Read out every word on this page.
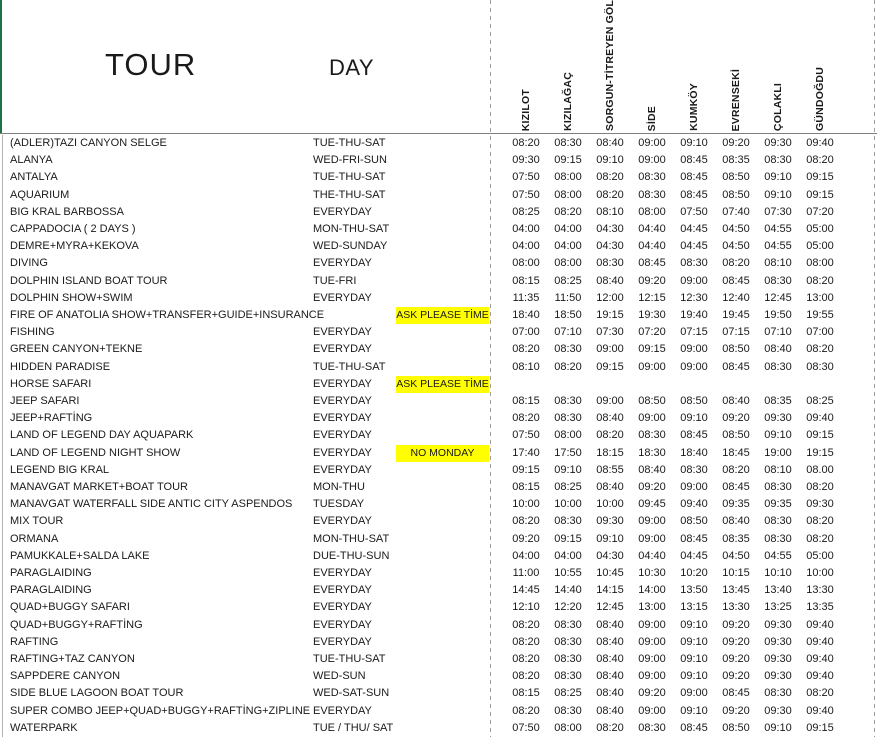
TOUR	DAY
KIZILOT	KIZILAĞAÇ	SORGUN-TİTREYEN GÖL	SİDE	KUMKÖY	EVRENSEKİ	ÇOLAKLI	GÜNDOĞDU
(ADLER)TAZI CANYON SELGE	TUE-THU-SAT	08:20	08:30	08:40	09:00	09:10	09:20	09:30	09:40
ALANYA	WED-FRI-SUN	09:30	09:15	09:10	09:00	08:45	08:35	08:30	08:20
ANTALYA	TUE-THU-SAT	07:50	08:00	08:20	08:30	08:45	08:50	09:10	09:15
AQUARIUM	THE-THU-SAT	07:50	08:00	08:20	08:30	08:45	08:50	09:10	09:15
BIG KRAL BARBOSSA	EVERYDAY	08:25	08:20	08:10	08:00	07:50	07:40	07:30	07:20
CAPPADOCIA ( 2 DAYS )	MON-THU-SAT	04:00	04:00	04:30	04:40	04:45	04:50	04:55	05:00
DEMRE+MYRA+KEKOVA	WED-SUNDAY	04:00	04:00	04:30	04:40	04:45	04:50	04:55	05:00
DIVING	EVERYDAY	08:00	08:00	08:30	08:45	08:30	08:20	08:10	08:00
DOLPHIN ISLAND BOAT TOUR	TUE-FRI	08:15	08:25	08:40	09:20	09:00	08:45	08:30	08:20
DOLPHIN SHOW+SWIM	EVERYDAY	11:35	11:50	12:00	12:15	12:30	12:40	12:45	13:00
FIRE OF ANATOLIA SHOW+TRANSFER+GUIDE+INSURANCE	ASK PLEASE TİME	18:40	18:50	19:15	19:30	19:40	19:45	19:50	19:55
FISHING	EVERYDAY	07:00	07:10	07:30	07:20	07:15	07:15	07:10	07:00
GREEN CANYON+TEKNE	EVERYDAY	08:20	08:30	09:00	09:15	09:00	08:50	08:40	08:20
HIDDEN PARADISE	TUE-THU-SAT	08:10	08:20	09:15	09:00	09:00	08:45	08:30	08:30
HORSE SAFARI	EVERYDAY ASK PLEASE TİME
JEEP SAFARI	EVERYDAY	08:15	08:30	09:00	08:50	08:50	08:40	08:35	08:25
JEEP+RAFTİNG	EVERYDAY	08:20	08:30	08:40	09:00	09:10	09:20	09:30	09:40
LAND OF LEGEND DAY AQUAPARK	EVERYDAY	07:50	08:00	08:20	08:30	08:45	08:50	09:10	09:15
LAND OF LEGEND NIGHT SHOW	EVERYDAY	NO MONDAY	17:40	17:50	18:15	18:30	18:40	18:45	19:00	19:15
LEGEND BIG KRAL	EVERYDAY	09:15	09:10	08:55	08:40	08:30	08:20	08:10	08.00
MANAVGAT MARKET+BOAT TOUR	MON-THU	08:15	08:25	08:40	09:20	09:00	08:45	08:30	08:20
MANAVGAT WATERFALL SIDE ANTIC CITY ASPENDOS TUESDAY	10:00	10:00	10:00	09:45	09:40	09:35	09:35	09:30
MIX TOUR	EVERYDAY	08:20	08:30	09:30	09:00	08:50	08:40	08:30	08:20
ORMANA	MON-THU-SAT	09:20	09:15	09:10	09:00	08:45	08:35	08:30	08:20
PAMUKKALE+SALDA LAKE	DUE-THU-SUN	04:00	04:00	04:30	04:40	04:45	04:50	04:55	05:00
PARAGLAIDING	EVERYDAY	11:00	10:55	10:45	10:30	10:20	10:15	10:10	10:00
PARAGLAIDING	EVERYDAY	14:45	14:40	14:15	14:00	13:50	13:45	13:40	13:30
QUAD+BUGGY SAFARI	EVERYDAY	12:10	12:20	12:45	13:00	13:15	13:30	13:25	13:35
QUAD+BUGGY+RAFTİNG	EVERYDAY	08:20	08:30	08:40	09:00	09:10	09:20	09:30	09:40
RAFTING	EVERYDAY	08:20	08:30	08:40	09:00	09:10	09:20	09:30	09:40
RAFTING+TAZ CANYON	TUE-THU-SAT	08:20	08:30	08:40	09:00	09:10	09:20	09:30	09:40
SAPPDERE CANYON	WED-SUN	08:20	08:30	08:40	09:00	09:10	09:20	09:30	09:40
SIDE BLUE LAGOON BOAT TOUR	WED-SAT-SUN	08:15	08:25	08:40	09:20	09:00	08:45	08:30	08:20
SUPER COMBO JEEP+QUAD+BUGGY+RAFTİNG+ZIPLINE EVERYDAY	08:20	08:30	08:40	09:00	09:10	09:20	09:30	09:40
WATERPARK	TUE / THU/ SAT	07:50	08:00	08:20	08:30	08:45	08:50	09:10	09:15
